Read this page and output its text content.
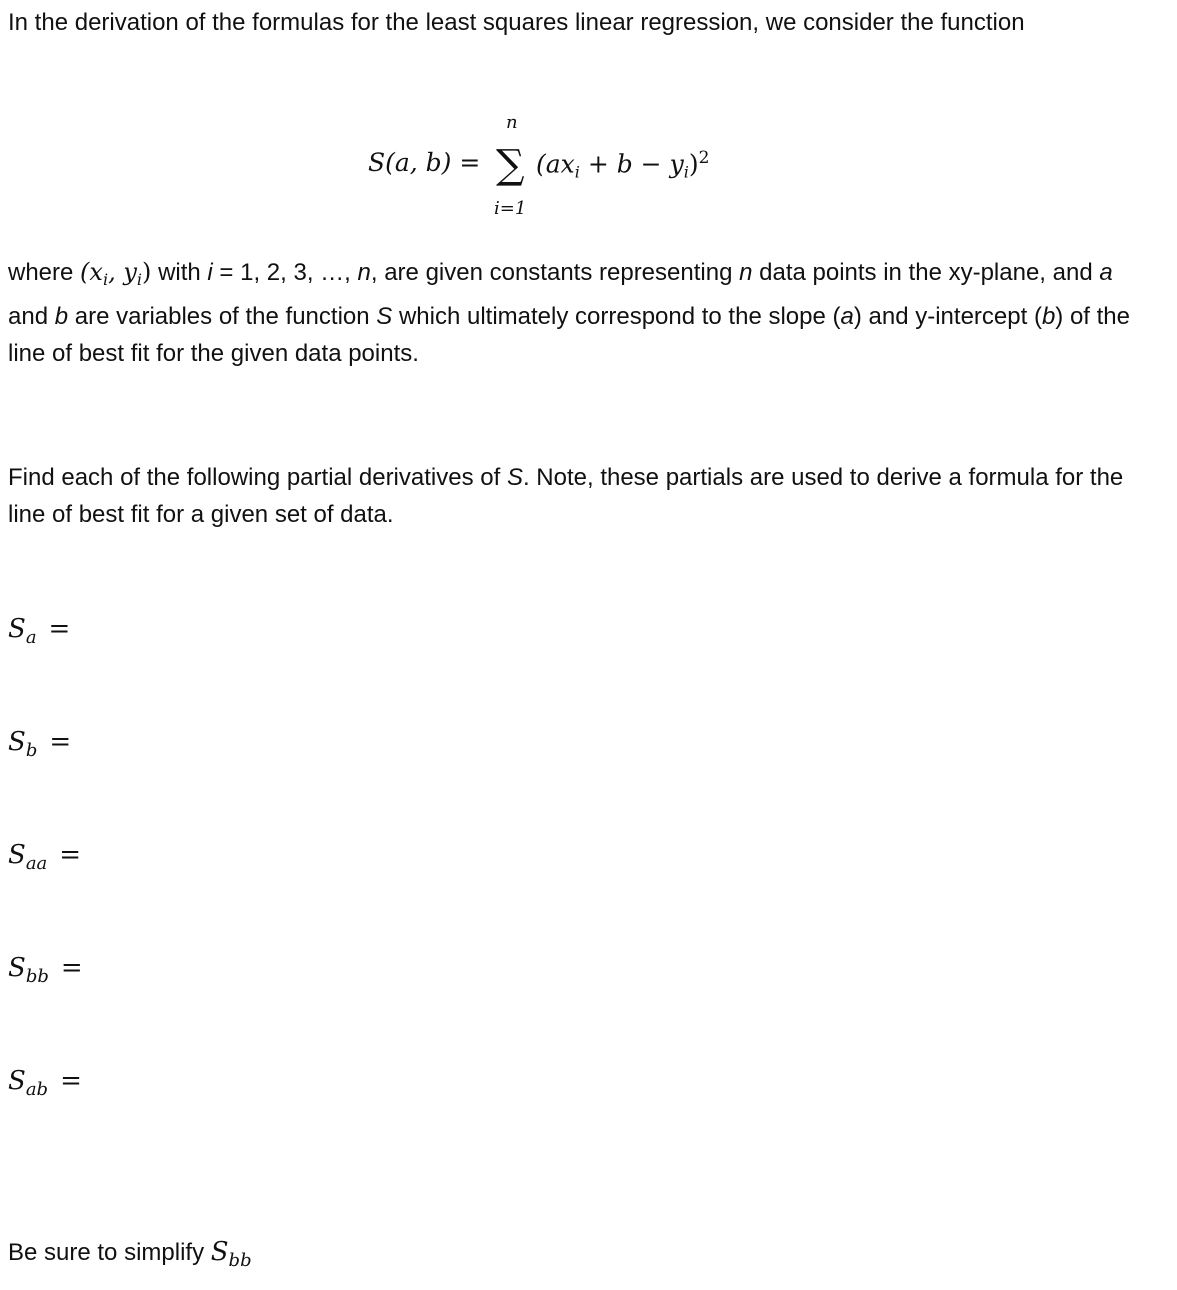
In the derivation of the formulas for the least squares linear regression, we consider the function

S(a, b) =
n
∑
i=1
$(ax_i + b - y_i)^2$

where ($x_i$, $y_i$) with i = 1, 2, 3, …, n, are given constants representing n data points in the xy-plane, and a and b are variables of the function S which ultimately correspond to the slope (a) and y-intercept (b) of the line of best fit for the given data points.

Find each of the following partial derivatives of S. Note, these partials are used to derive a formula for the line of best fit for a given set of data.

$S_a$ =
$S_b$ =
$S_{aa}$ =
$S_{bb}$ =
$S_{ab}$ =

Be sure to simplify $S_{bb}$
